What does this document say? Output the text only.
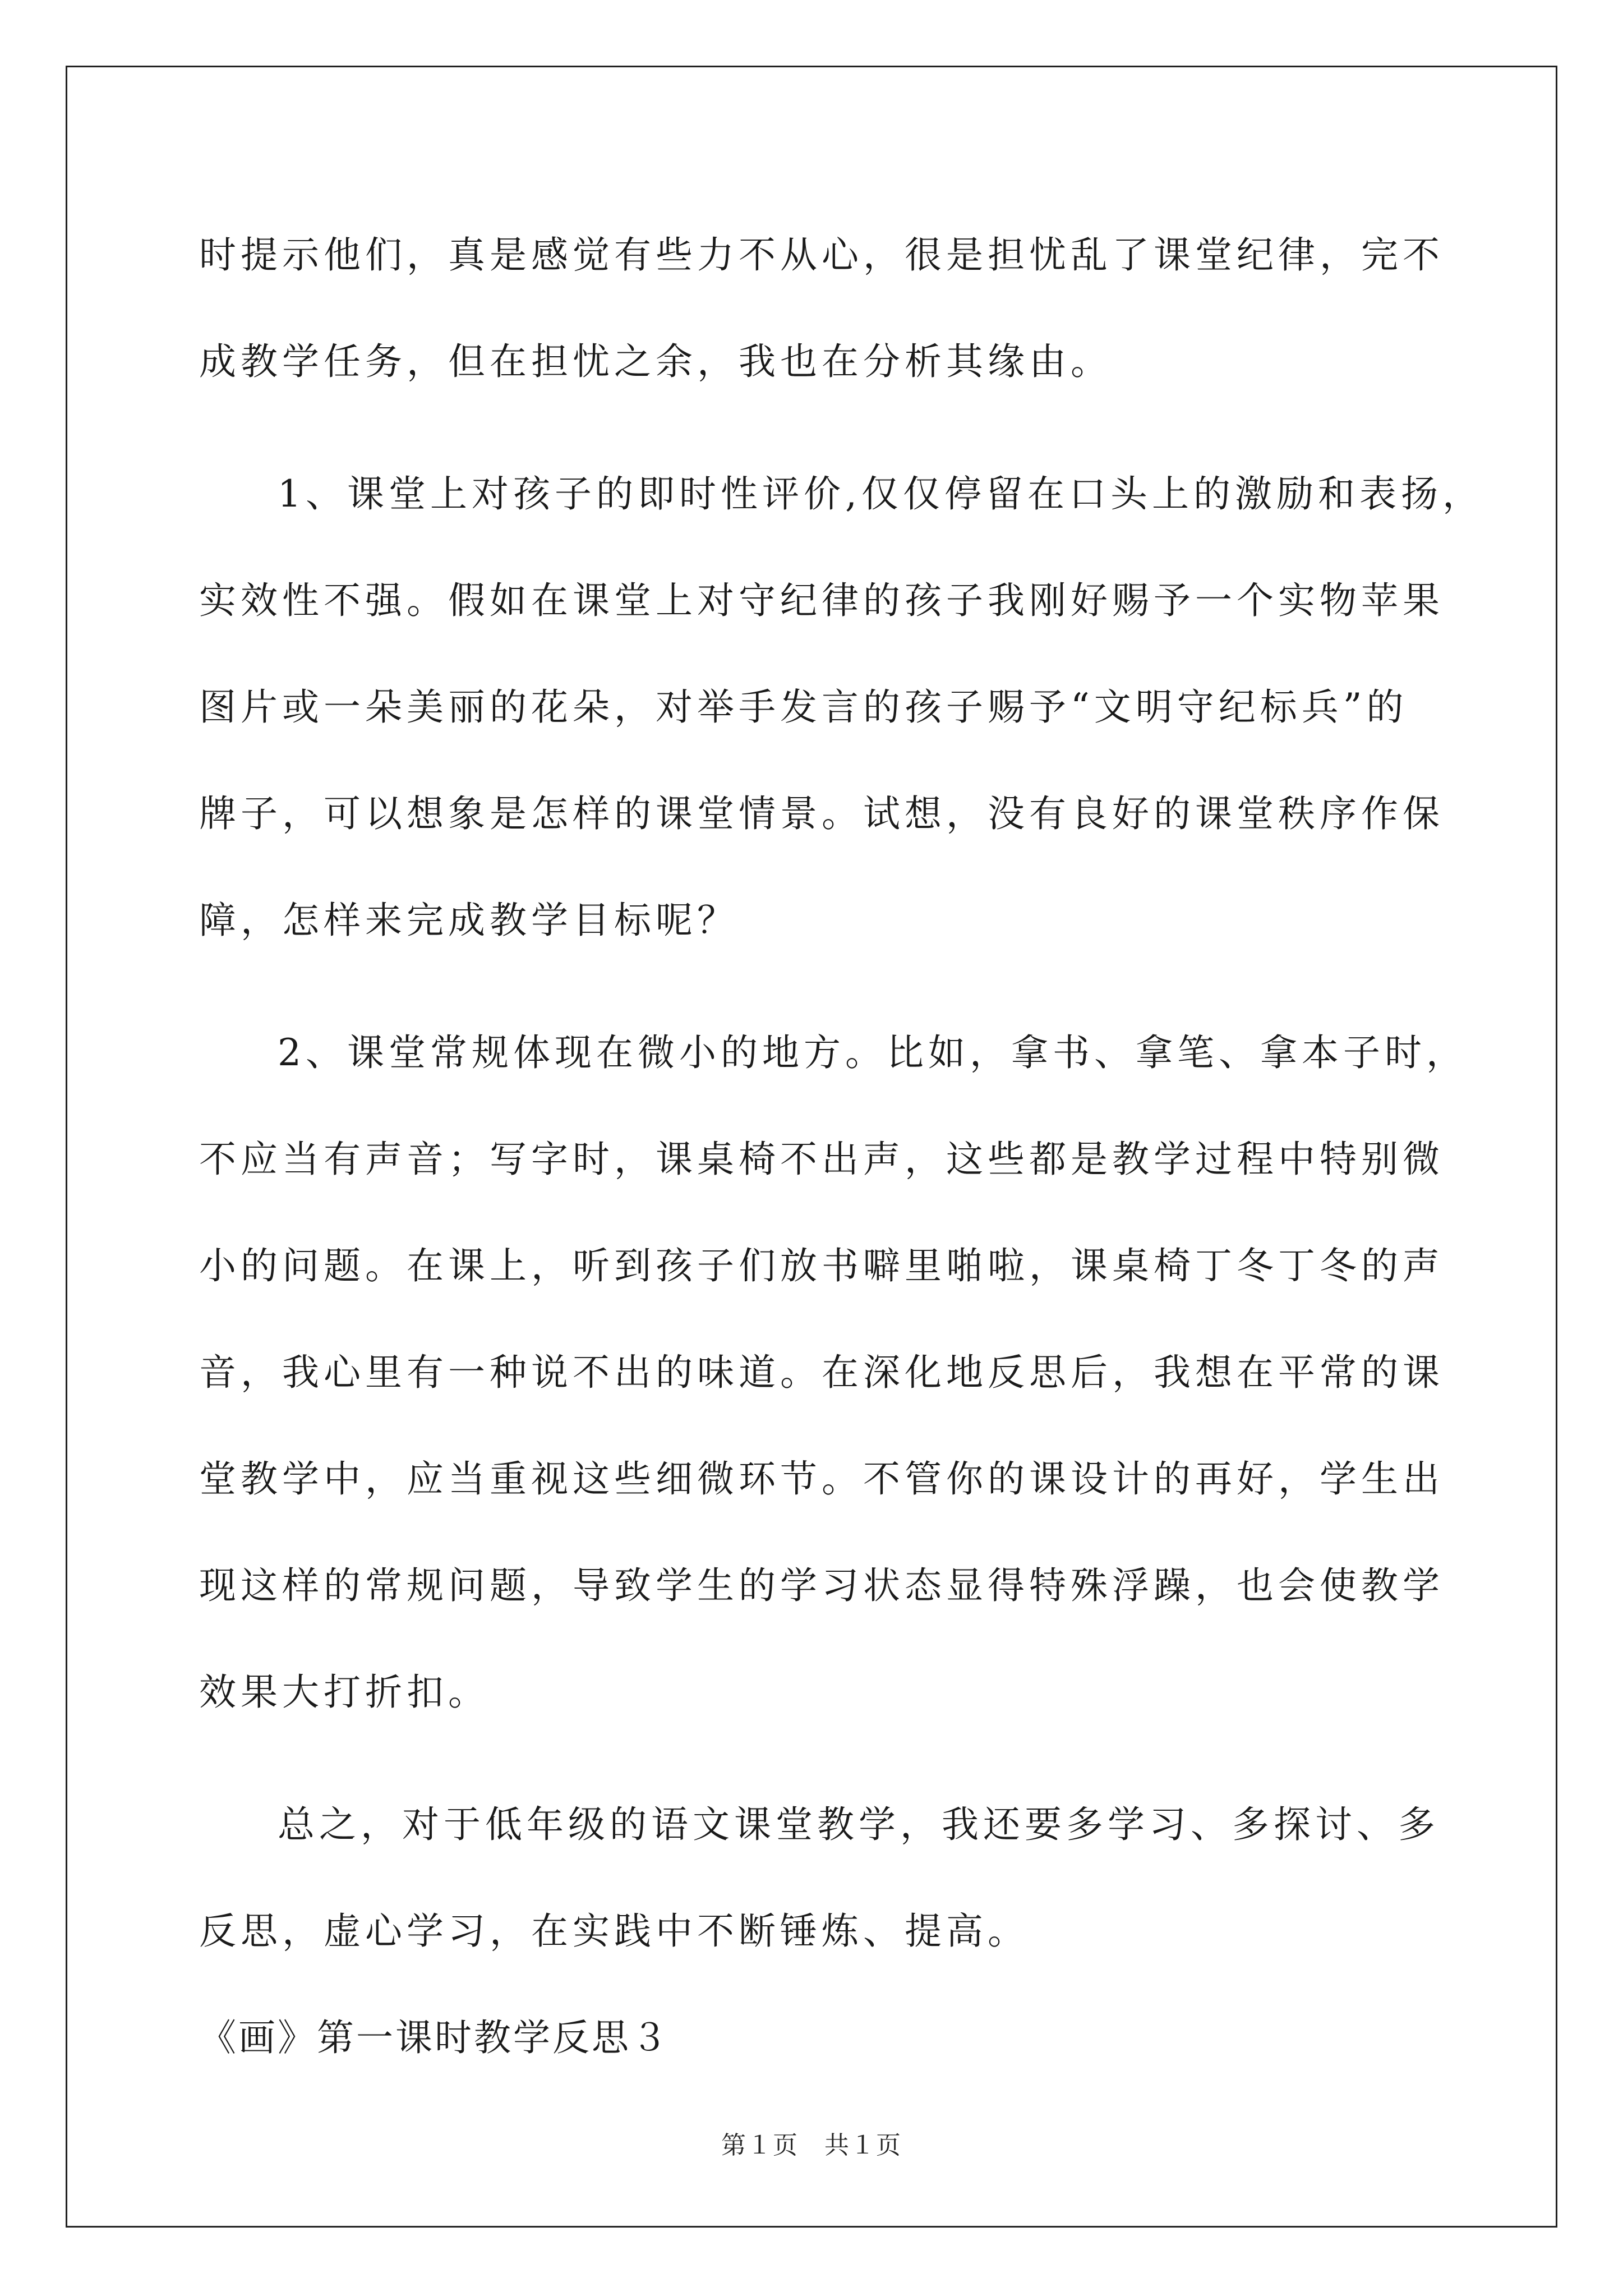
时提示他们，真是感觉有些力不从心，很是担忧乱了课堂纪律，完不

成教学任务，但在担忧之余，我也在分析其缘由。

1、课堂上对孩子的即时性评价,仅仅停留在口头上的激励和表扬，

实效性不强。假如在课堂上对守纪律的孩子我刚好赐予一个实物苹果

图片或一朵美丽的花朵，对举手发言的孩子赐予“文明守纪标兵”的

牌子，可以想象是怎样的课堂情景。试想，没有良好的课堂秩序作保

障，怎样来完成教学目标呢？

2、课堂常规体现在微小的地方。比如，拿书、拿笔、拿本子时，

不应当有声音；写字时，课桌椅不出声，这些都是教学过程中特别微

小的问题。在课上，听到孩子们放书噼里啪啦，课桌椅丁冬丁冬的声

音，我心里有一种说不出的味道。在深化地反思后，我想在平常的课

堂教学中，应当重视这些细微环节。不管你的课设计的再好，学生出

现这样的常规问题，导致学生的学习状态显得特殊浮躁，也会使教学

效果大打折扣。

总之，对于低年级的语文课堂教学，我还要多学习、多探讨、多

反思，虚心学习，在实践中不断锤炼、提高。

《画》第一课时教学反思３

第１页　共１页
